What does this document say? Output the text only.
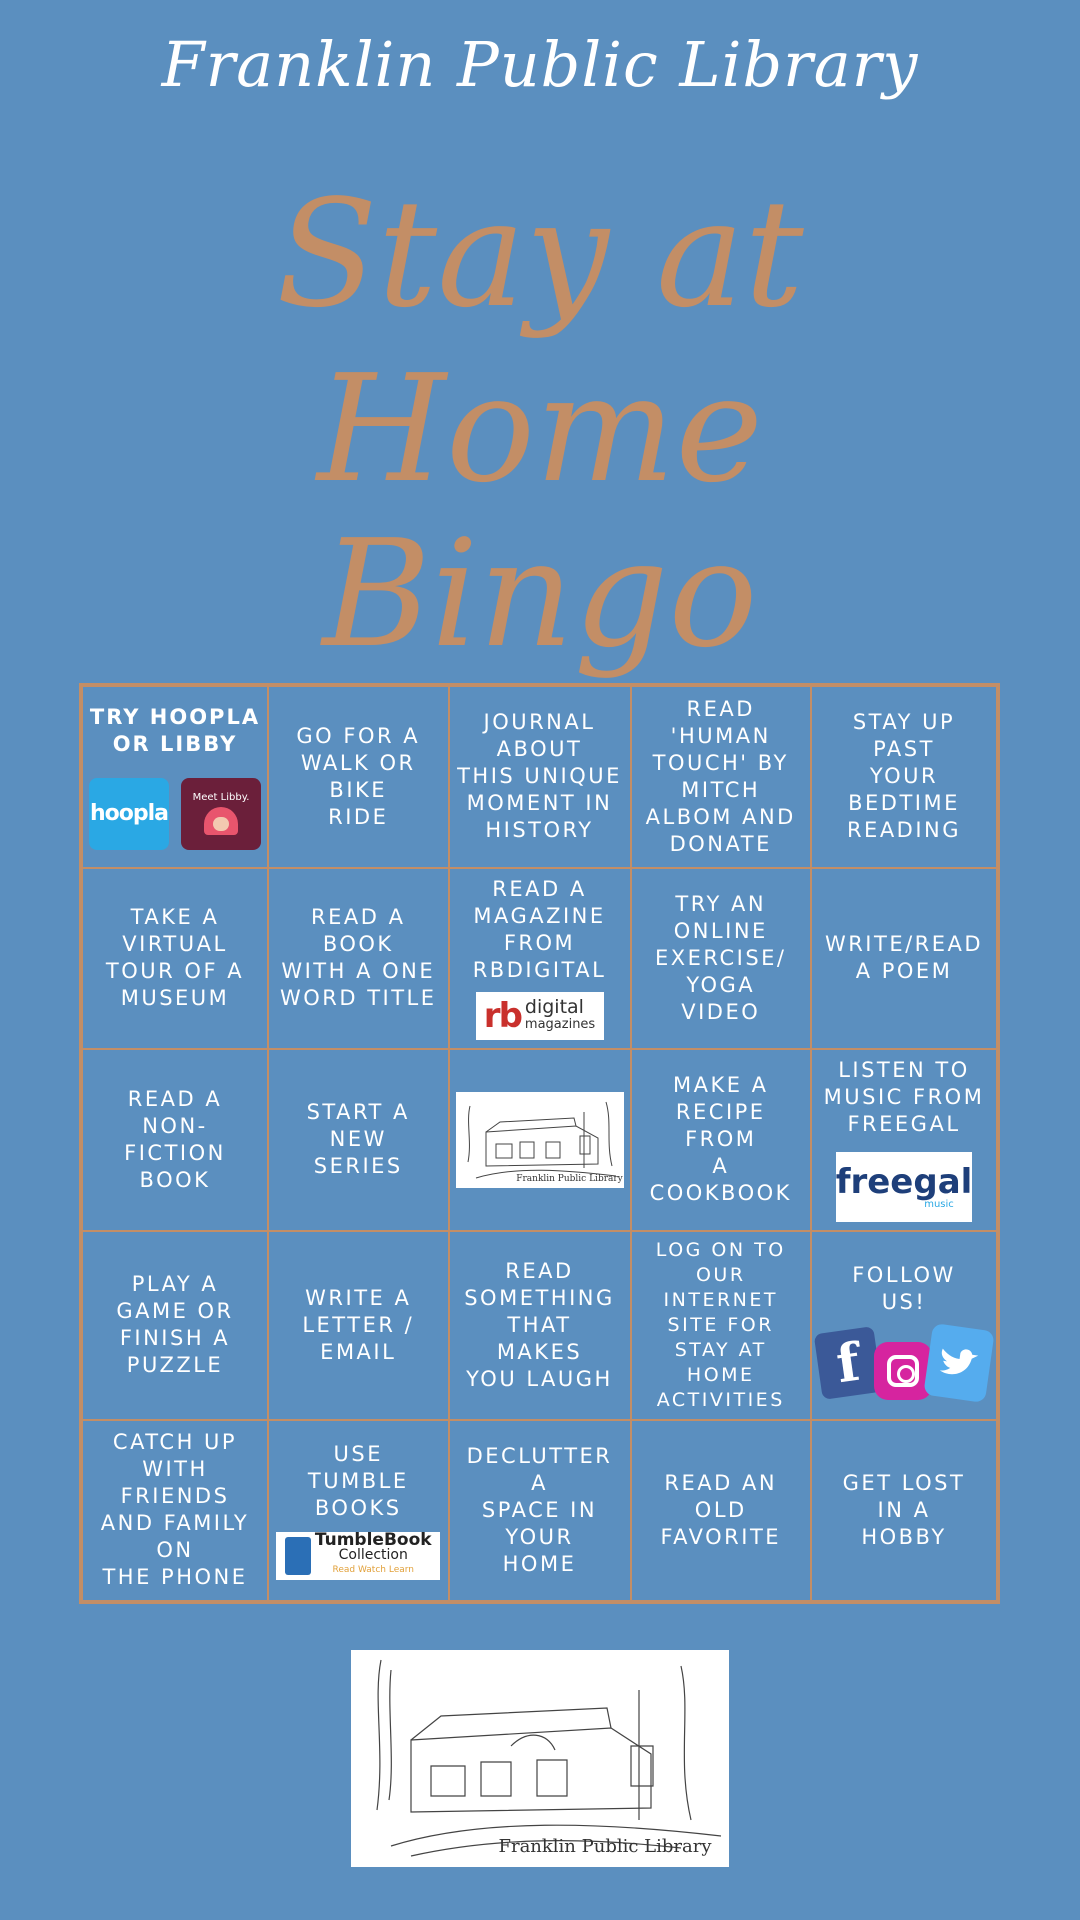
Franklin Public Library
Stay at
Home
Bingo
TRY HOOPLA
OR LIBBY
hoopla
Meet Libby.
GO FOR A
WALK OR
BIKE
RIDE
JOURNAL
ABOUT
THIS UNIQUE
MOMENT IN
HISTORY
READ
'HUMAN
TOUCH' BY
MITCH
ALBOM AND
DONATE
STAY UP
PAST
YOUR
BEDTIME
READING
TAKE A
VIRTUAL
TOUR OF A
MUSEUM
READ A
BOOK
WITH A ONE
WORD TITLE
READ A
MAGAZINE
FROM
RBDIGITAL
rb digital
magazines
TRY AN
ONLINE
EXERCISE/
YOGA
VIDEO
WRITE/READ
A POEM
READ A
NON-
FICTION
BOOK
START A
NEW
SERIES
Franklin Public Library
MAKE A
RECIPE FROM
A COOKBOOK
LISTEN TO
MUSIC FROM
FREEGAL
freegal
music
PLAY A
GAME OR
FINISH A
PUZZLE
WRITE A
LETTER /
EMAIL
READ
SOMETHING
THAT
MAKES
YOU LAUGH
LOG ON TO
OUR
INTERNET
SITE FOR
STAY AT
HOME
ACTIVITIES
FOLLOW
US!
f
CATCH UP
WITH
FRIENDS
AND FAMILY
ON
THE PHONE
USE
TUMBLE
BOOKS
TumbleBook
Collection
Read Watch Learn
DECLUTTER
A
SPACE IN
YOUR
HOME
READ AN
OLD
FAVORITE
GET LOST
IN A
HOBBY
Franklin Public Library
